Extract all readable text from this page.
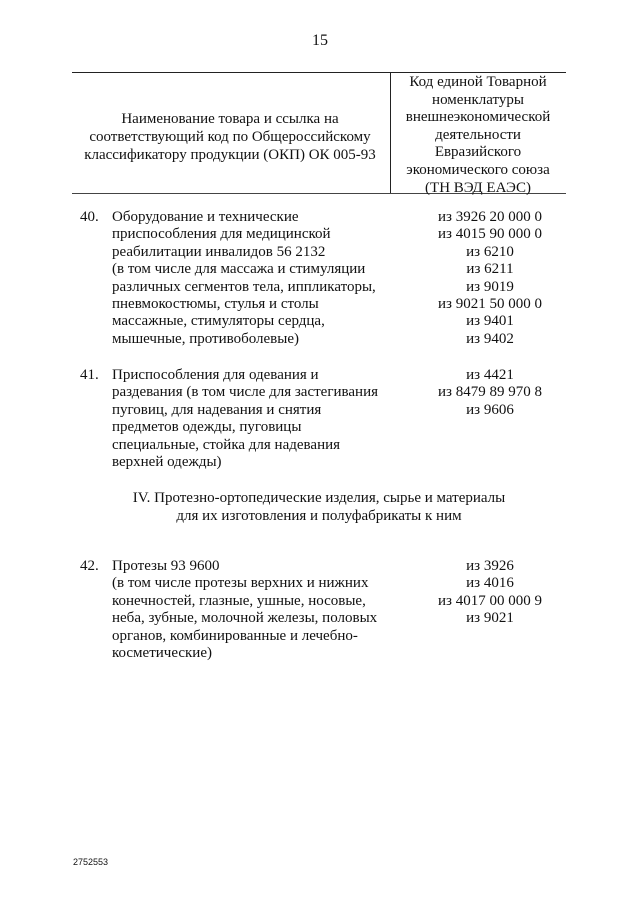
15
Наименование товара и ссылка на
соответствующий код по Общероссийскому
классификатору продукции (ОКП) ОК 005-93
Код единой Товарной
номенклатуры
внешнеэкономической
деятельности
Евразийского
экономического союза
(ТН ВЭД ЕАЭС)
40. Оборудование и технические
приспособления для медицинской
реабилитации инвалидов 56 2132
(в том числе для массажа и стимуляции
различных сегментов тела, иппликаторы,
пневмокостюмы, стулья и столы
массажные, стимуляторы сердца,
мышечные, противоболевые)
из 3926 20 000 0
из 4015 90 000 0
из 6210
из 6211
из 9019
из 9021 50 000 0
из 9401
из 9402
41. Приспособления для одевания и
раздевания (в том числе для застегивания
пуговиц, для надевания и снятия
предметов одежды, пуговицы
специальные, стойка для надевания
верхней одежды)
из 4421
из 8479 89 970 8
из 9606
IV. Протезно-ортопедические изделия, сырье и материалы
для их изготовления и полуфабрикаты к ним
42. Протезы 93 9600
(в том числе протезы верхних и нижних
конечностей, глазные, ушные, носовые,
неба, зубные, молочной железы, половых
органов, комбинированные и лечебно-
косметические)
из 3926
из 4016
из 4017 00 000 9
из 9021
2752553
